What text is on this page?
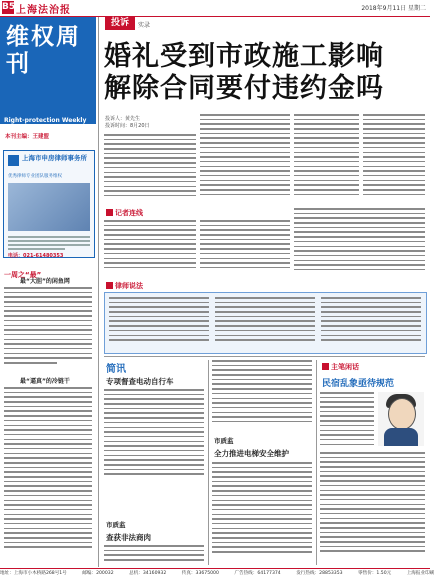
B5 上海法治报	2018年9月11日 星期二
维权周刊
Right-protection Weekly
本刊主编：王建盟
上海市申房律师事务所
优秀律师专业团队服务维权
电话：021-61480353
一周之“最”
最“大胆”的闲鱼网
最“逼真”的冷链干
投诉	实录
婚礼受到市政施工影响
解除合同要付违约金吗
投诉人：黄先生
投诉时间：8月20日
记者连线
律师说法
简讯
专项督查电动自行车
市质监
查获非法商肉
市质监
全力推进电梯安全维护
主笔闲话
民宿乱象亟待规范
地址：上海市小木桥路268号1号	邮编：200032	总机：34160932	传真：33675000	广告热线：64177374	发行热线：28853353	零售价：1.50元	上海报业印刷
